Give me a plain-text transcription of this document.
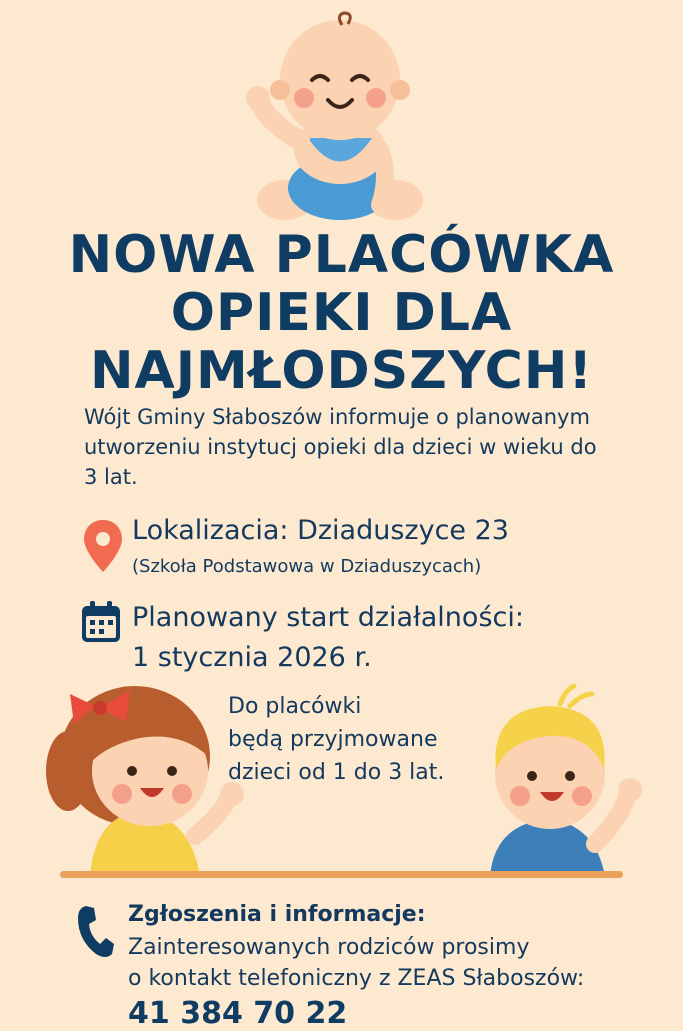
NOWA PLACÓWKA
OPIEKI DLA
NAJMŁODSZYCH!
Wójt Gminy Słaboszów informuje o planowanym utworzeniu instytucj opieki dla dzieci w wieku do 3 lat.
Lokalizacia: Dziaduszyce 23
(Szkoła Podstawowa w Dziaduszycach)
Planowany start działalności:
1 stycznia 2026 r.
Do placówki
będą przyjmowane
dzieci od 1 do 3 lat.
Zgłoszenia i informacje:
Zainteresowanych rodziców prosimy
o kontakt telefoniczny z ZEAS Słaboszów:
41 384 70 22
